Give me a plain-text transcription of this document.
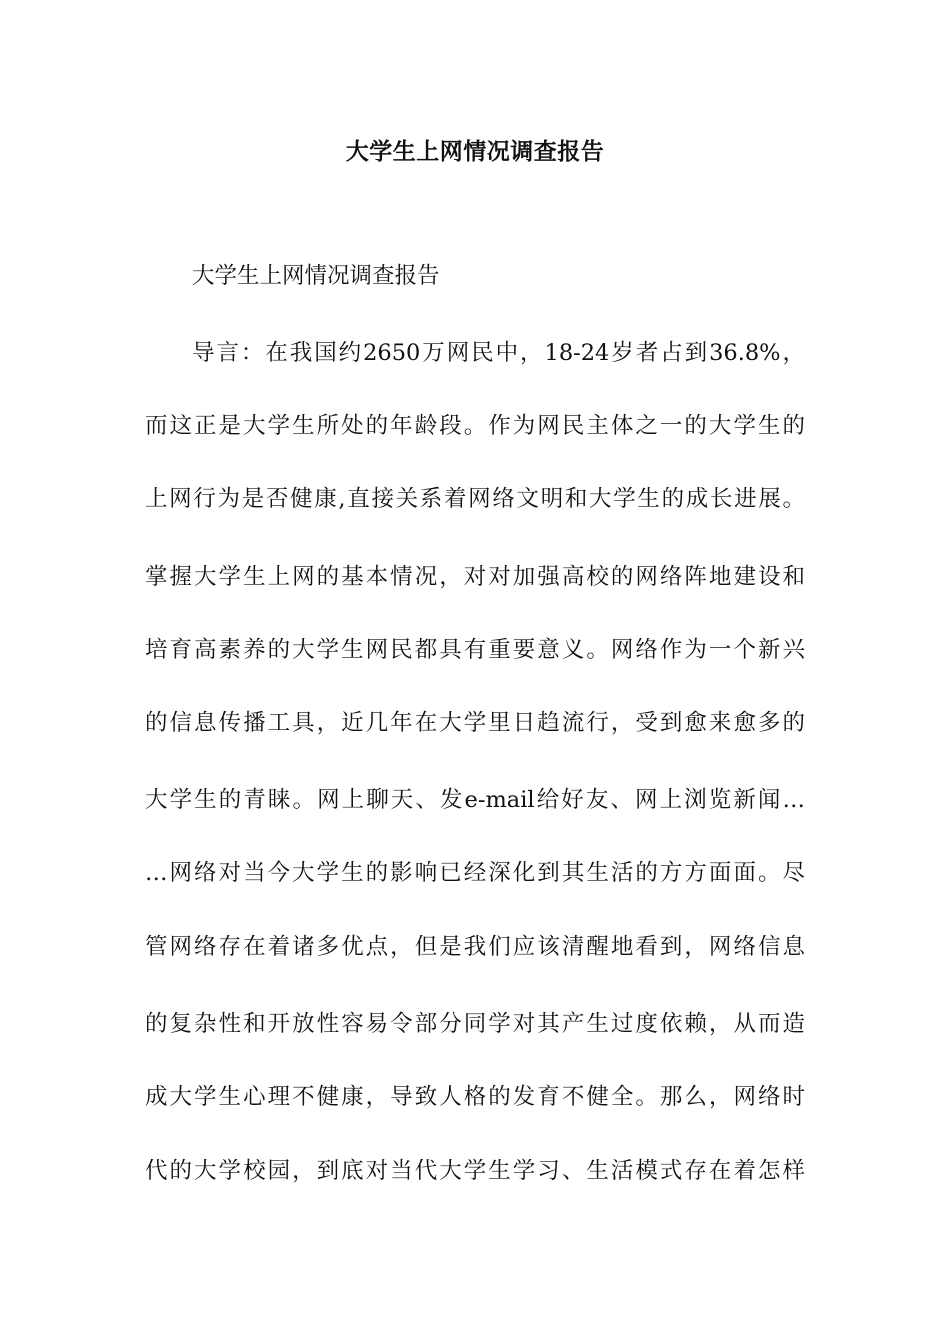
大学生上网情况调查报告
大学生上网情况调查报告
导言：在我国约2650万网民中，18-24岁者占到36.8%，
而这正是大学生所处的年龄段。作为网民主体之一的大学生的
上网行为是否健康,直接关系着网络文明和大学生的成长进展。
掌握大学生上网的基本情况，对对加强高校的网络阵地建设和
培育高素养的大学生网民都具有重要意义。网络作为一个新兴
的信息传播工具，近几年在大学里日趋流行，受到愈来愈多的
大学生的青睐。网上聊天、发e-mail给好友、网上浏览新闻…
…网络对当今大学生的影响已经深化到其生活的方方面面。尽
管网络存在着诸多优点，但是我们应该清醒地看到，网络信息
的复杂性和开放性容易令部分同学对其产生过度依赖，从而造
成大学生心理不健康，导致人格的发育不健全。那么，网络时
代的大学校园，到底对当代大学生学习、生活模式存在着怎样
